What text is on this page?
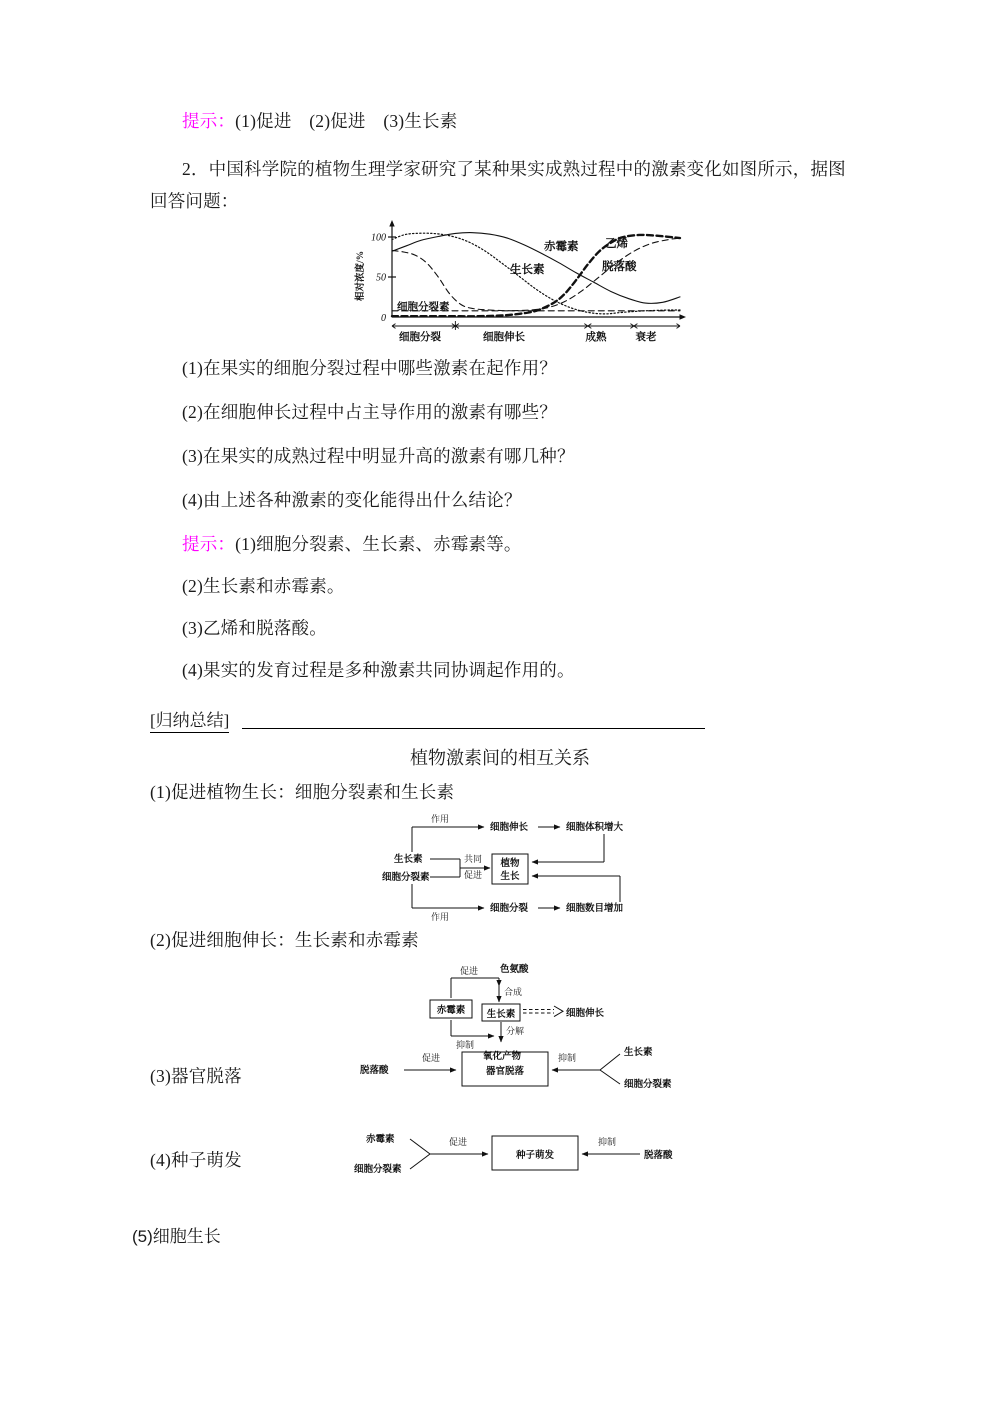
提示：(1)促进　(2)促进　(3)生长素
2．中国科学院的植物生理学家研究了某种果实成熟过程中的激素变化如图所示，据图回答问题：
相对浓度/%
100
50
0
赤霉素
生长素
乙烯
脱落酸
细胞分裂素
细胞分裂	细胞伸长	成熟	衰老
(1)在果实的细胞分裂过程中哪些激素在起作用？
(2)在细胞伸长过程中占主导作用的激素有哪些？
(3)在果实的成熟过程中明显升高的激素有哪几种？
(4)由上述各种激素的变化能得出什么结论？
提示：(1)细胞分裂素、生长素、赤霉素等。
(2)生长素和赤霉素。
(3)乙烯和脱落酸。
(4)果实的发育过程是多种激素共同协调起作用的。
[归纳总结]
植物激素间的相互关系
(1)促进植物生长：细胞分裂素和生长素
生长素
细胞分裂素
共同
促进
植物
生长
作用
细胞伸长	细胞体积增大
作用
细胞分裂	细胞数目增加
(2)促进细胞伸长：生长素和赤霉素
赤霉素
促进 色氨酸
合成
生长素	细胞伸长
分解
氧化产物
抑制
(3)器官脱落	脱落酸
促进
器官脱落
抑制	生长素
细胞分裂素
(4)种子萌发
赤霉素
细胞分裂素
促进
种子萌发
抑制
脱落酸
(5)细胞生长
